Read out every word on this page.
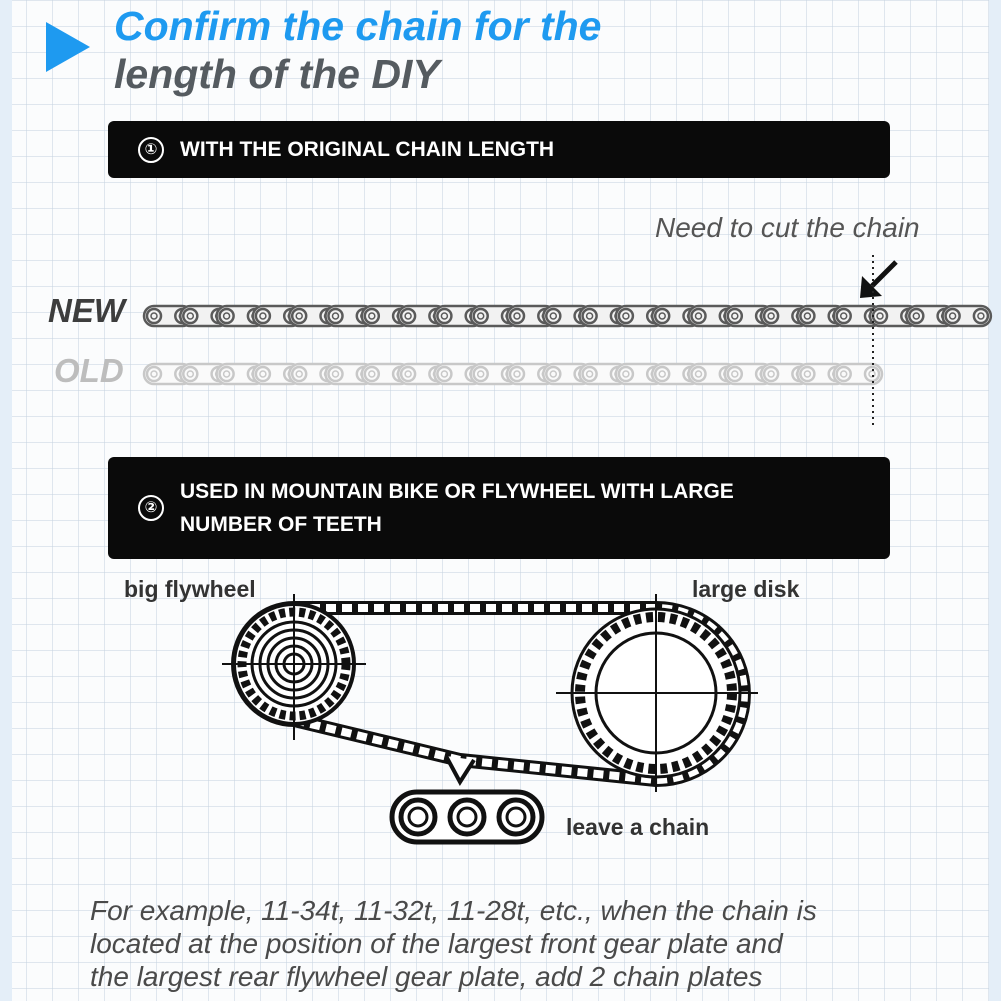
Confirm the chain for the
length of the DIY
①	WITH THE ORIGINAL CHAIN LENGTH
Need to cut the chain
NEW
OLD
②
USED IN MOUNTAIN BIKE OR FLYWHEEL WITH LARGE
NUMBER OF TEETH
big flywheel	large disk
leave a chain

For example, 11-34t, 11-32t, 11-28t, etc., when the chain is
located at the position of the largest front gear plate and
the largest rear flywheel gear plate, add 2 chain plates
